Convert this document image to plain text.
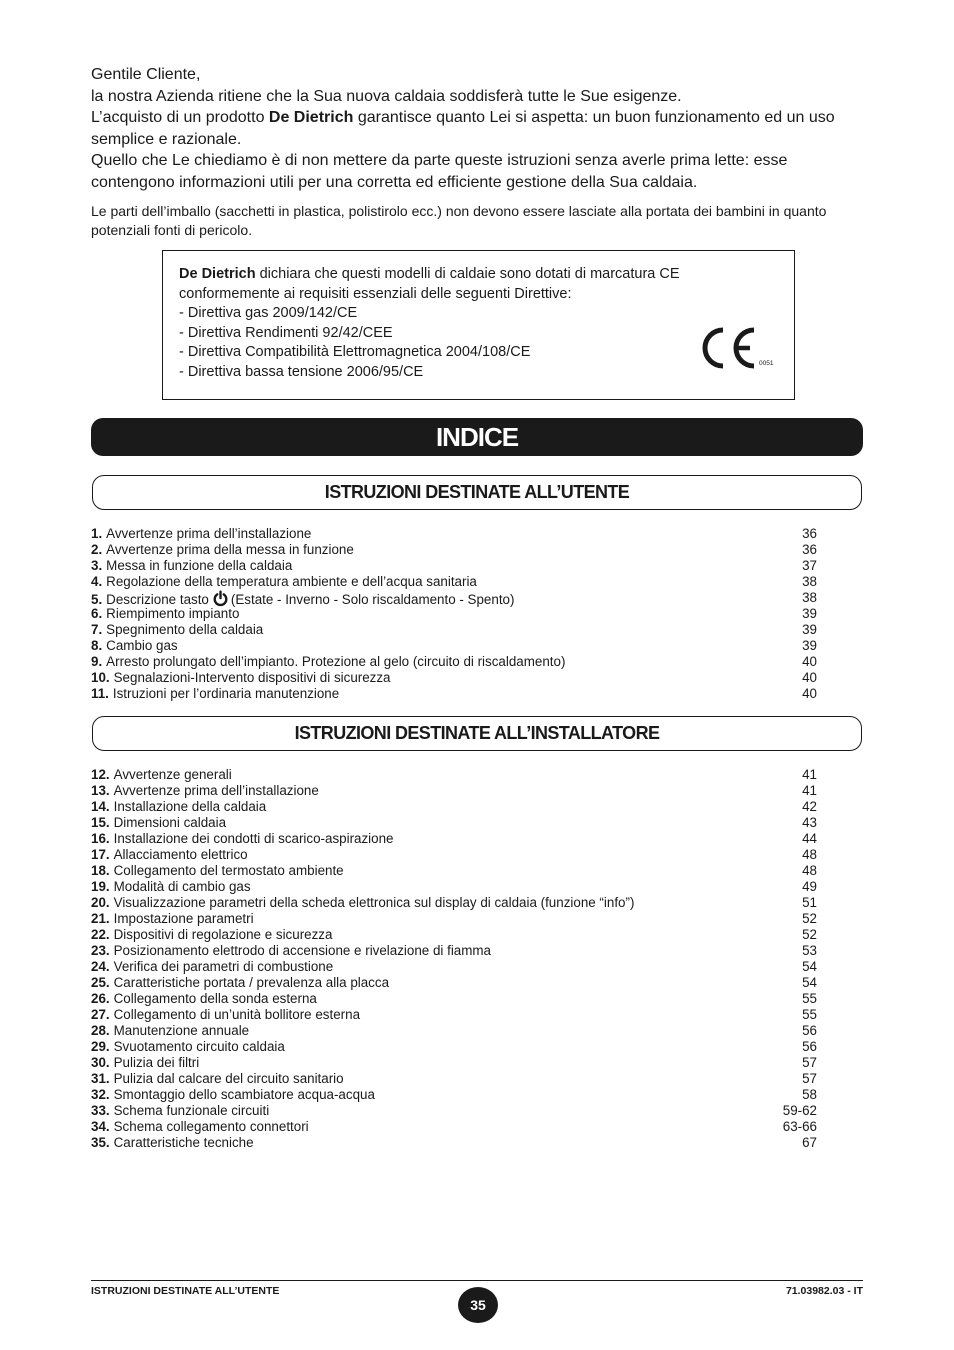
Gentile Cliente,

la nostra Azienda ritiene che la Sua nuova caldaia soddisferà tutte le Sue esigenze.

L’acquisto di un prodotto De Dietrich garantisce quanto Lei si aspetta: un buon funzionamento ed un uso semplice e razionale.

Quello che Le chiediamo è di non mettere da parte queste istruzioni senza averle prima lette: esse contengono informazioni utili per una corretta ed efficiente gestione della Sua caldaia.

Le parti dell’imballo (sacchetti in plastica, polistirolo ecc.) non devono essere lasciate alla portata dei bambini in quanto potenziali fonti di pericolo.

De Dietrich dichiara che questi modelli di caldaie sono dotati di marcatura CE conformemente ai requisiti essenziali delle seguenti Direttive:

- Direttiva gas 2009/142/CE

- Direttiva Rendimenti 92/42/CEE

- Direttiva Compatibilità Elettromagnetica 2004/108/CE

- Direttiva bassa tensione 2006/95/CE	0051
INDICE
ISTRUZIONI DESTINATE ALL’UTENTE
1. Avvertenze prima dell’installazione	36
2. Avvertenze prima della messa in funzione	36
3. Messa in funzione della caldaia	37
4. Regolazione della temperatura ambiente e dell’acqua sanitaria	38
5. Descrizione tasto (Estate - Inverno - Solo riscaldamento - Spento)	38
6. Riempimento impianto	39
7. Spegnimento della caldaia	39
8. Cambio gas	39
9. Arresto prolungato dell’impianto. Protezione al gelo (circuito di riscaldamento)	40
10. Segnalazioni-Intervento dispositivi di sicurezza	40
11. Istruzioni per l’ordinaria manutenzione	40
ISTRUZIONI DESTINATE ALL’INSTALLATORE
12. Avvertenze generali	41
13. Avvertenze prima dell’installazione	41
14. Installazione della caldaia	42
15. Dimensioni caldaia	43
16. Installazione dei condotti di scarico-aspirazione	44
17. Allacciamento elettrico	48
18. Collegamento del termostato ambiente	48
19. Modalità di cambio gas	49
20. Visualizzazione parametri della scheda elettronica sul display di caldaia (funzione “info”)	51
21. Impostazione parametri	52
22. Dispositivi di regolazione e sicurezza	52
23. Posizionamento elettrodo di accensione e rivelazione di fiamma	53
24. Verifica dei parametri di combustione	54
25. Caratteristiche portata / prevalenza alla placca	54
26. Collegamento della sonda esterna	55
27. Collegamento di un’unità bollitore esterna	55
28. Manutenzione annuale	56
29. Svuotamento circuito caldaia	56
30. Pulizia dei filtri	57
31. Pulizia dal calcare del circuito sanitario	57
32. Smontaggio dello scambiatore acqua-acqua	58
33. Schema funzionale circuiti	59-62
34. Schema collegamento connettori	63-66
35. Caratteristiche tecniche	67
ISTRUZIONI DESTINATE ALL’UTENTE
35
71.03982.03 - IT
